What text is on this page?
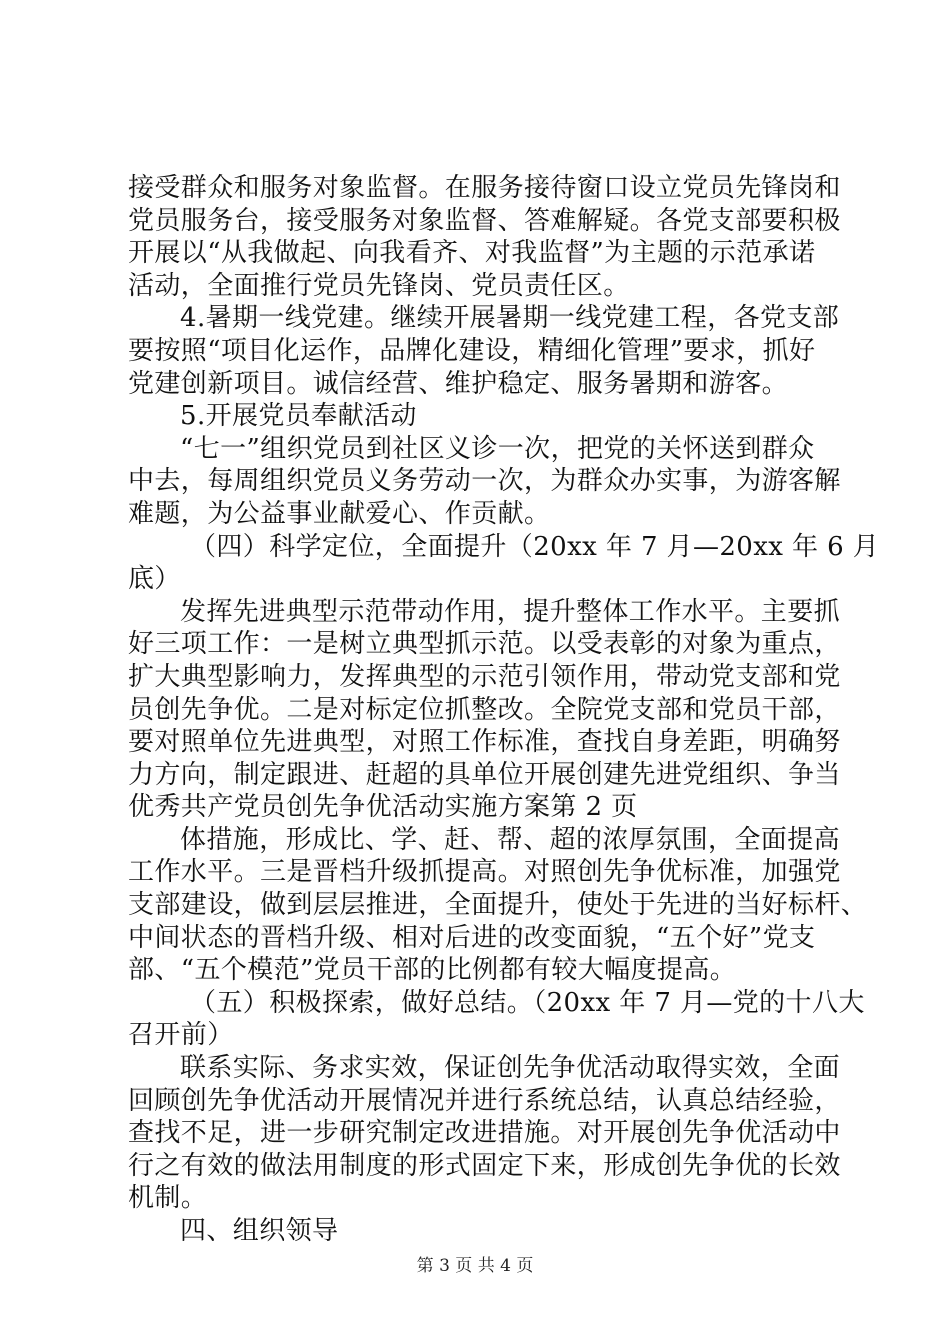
接受群众和服务对象监督。在服务接待窗口设立党员先锋岗和
党员服务台，接受服务对象监督、答难解疑。各党支部要积极
开展以“从我做起、向我看齐、对我监督”为主题的示范承诺
活动，全面推行党员先锋岗、党员责任区。
4.暑期一线党建。继续开展暑期一线党建工程，各党支部
要按照“项目化运作，品牌化建设，精细化管理”要求，抓好
党建创新项目。诚信经营、维护稳定、服务暑期和游客。
5.开展党员奉献活动
“七一”组织党员到社区义诊一次，把党的关怀送到群众
中去，每周组织党员义务劳动一次，为群众办实事，为游客解
难题，为公益事业献爱心、作贡献。
（四）科学定位，全面提升（20xx 年 7 月—20xx 年 6 月
底）
发挥先进典型示范带动作用，提升整体工作水平。主要抓
好三项工作：一是树立典型抓示范。以受表彰的对象为重点，
扩大典型影响力，发挥典型的示范引领作用，带动党支部和党
员创先争优。二是对标定位抓整改。全院党支部和党员干部，
要对照单位先进典型，对照工作标准，查找自身差距，明确努
力方向，制定跟进、赶超的具单位开展创建先进党组织、争当
优秀共产党员创先争优活动实施方案第 2 页
体措施，形成比、学、赶、帮、超的浓厚氛围，全面提高
工作水平。三是晋档升级抓提高。对照创先争优标准，加强党
支部建设，做到层层推进，全面提升，使处于先进的当好标杆、
中间状态的晋档升级、相对后进的改变面貌，“五个好”党支
部、“五个模范”党员干部的比例都有较大幅度提高。
（五）积极探索，做好总结。（20xx 年 7 月—党的十八大
召开前）
联系实际、务求实效，保证创先争优活动取得实效，全面
回顾创先争优活动开展情况并进行系统总结，认真总结经验，
查找不足，进一步研究制定改进措施。对开展创先争优活动中
行之有效的做法用制度的形式固定下来，形成创先争优的长效
机制。
四、组织领导
第 3 页 共 4 页
